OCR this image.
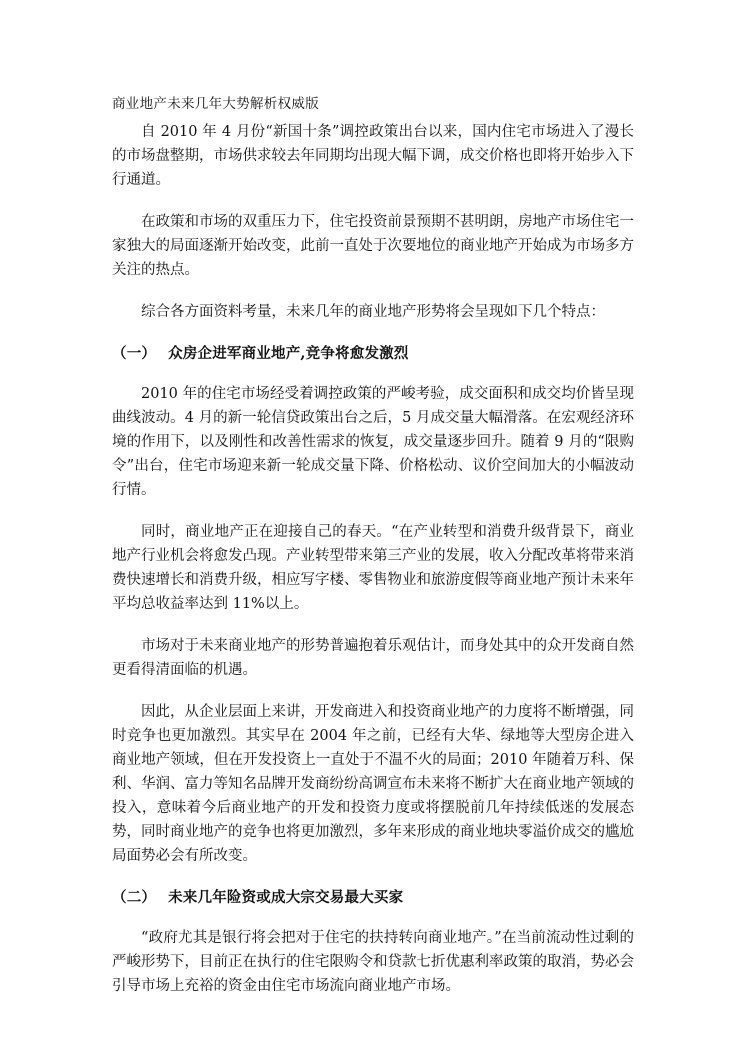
商业地产未来几年大势解析权威版

自 2010 年 4 月份“新国十条”调控政策出台以来，国内住宅市场进入了漫长的市场盘整期，市场供求较去年同期均出现大幅下调，成交价格也即将开始步入下行通道。

在政策和市场的双重压力下，住宅投资前景预期不甚明朗，房地产市场住宅一家独大的局面逐渐开始改变，此前一直处于次要地位的商业地产开始成为市场多方关注的热点。

综合各方面资料考量，未来几年的商业地产形势将会呈现如下几个特点：

（一） 众房企进军商业地产,竞争将愈发激烈

2010 年的住宅市场经受着调控政策的严峻考验，成交面积和成交均价皆呈现曲线波动。4 月的新一轮信贷政策出台之后，5 月成交量大幅滑落。在宏观经济环境的作用下，以及刚性和改善性需求的恢复，成交量逐步回升。随着 9 月的“限购令”出台，住宅市场迎来新一轮成交量下降、价格松动、议价空间加大的小幅波动行情。

同时，商业地产正在迎接自己的春天。“在产业转型和消费升级背景下，商业地产行业机会将愈发凸现。产业转型带来第三产业的发展，收入分配改革将带来消费快速增长和消费升级，相应写字楼、零售物业和旅游度假等商业地产预计未来年平均总收益率达到 11%以上。

市场对于未来商业地产的形势普遍抱着乐观估计，而身处其中的众开发商自然更看得清面临的机遇。

因此，从企业层面上来讲，开发商进入和投资商业地产的力度将不断增强，同时竞争也更加激烈。其实早在 2004 年之前，已经有大华、绿地等大型房企进入商业地产领域，但在开发投资上一直处于不温不火的局面；2010 年随着万科、保利、华润、富力等知名品牌开发商纷纷高调宣布未来将不断扩大在商业地产领域的投入，意味着今后商业地产的开发和投资力度或将摆脱前几年持续低迷的发展态势，同时商业地产的竞争也将更加激烈，多年来形成的商业地块零溢价成交的尴尬局面势必会有所改变。

（二） 未来几年险资或成大宗交易最大买家

“政府尤其是银行将会把对于住宅的扶持转向商业地产。”在当前流动性过剩的严峻形势下，目前正在执行的住宅限购令和贷款七折优惠利率政策的取消，势必会引导市场上充裕的资金由住宅市场流向商业地产市场。
